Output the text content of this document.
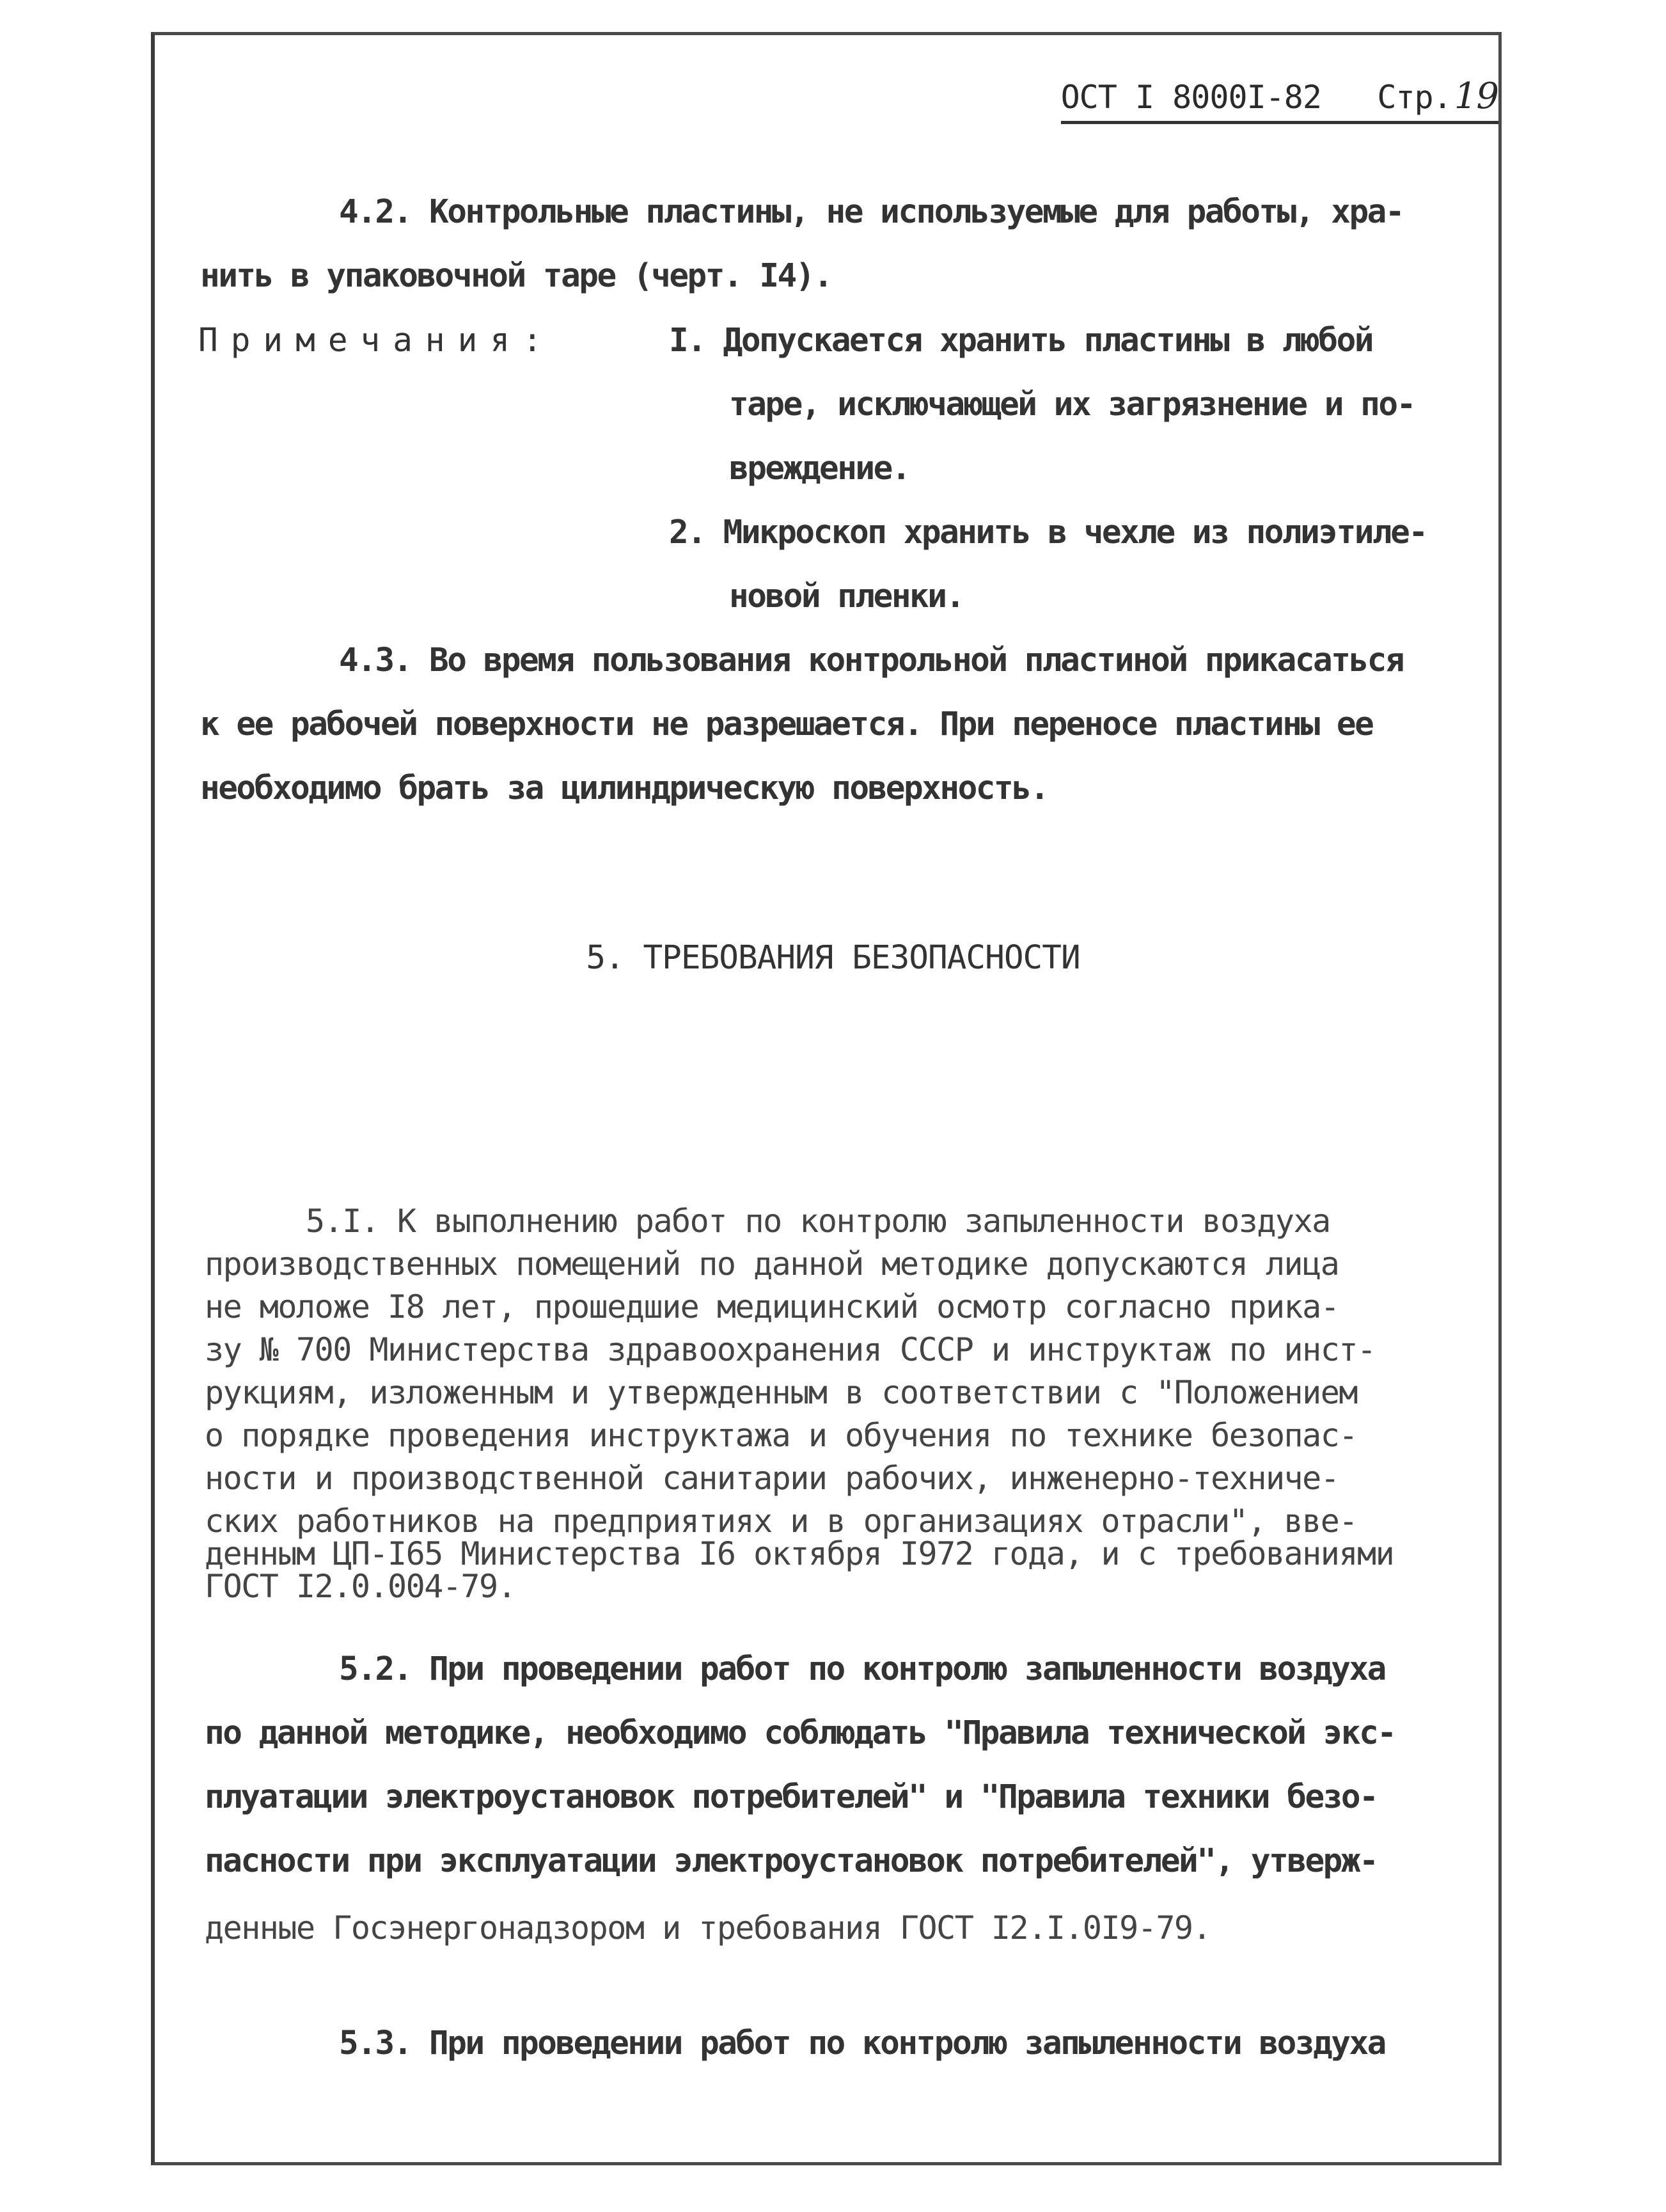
ОСТ I 8000I-82 Стр.19
4.2. Контрольные пластины, не используемые для работы, хра-
нить в упаковочной таре (черт. I4).
Примечания:	I. Допускается хранить пластины в любой
таре, исключающей их загрязнение и по-
вреждение.
2. Микроскоп хранить в чехле из полиэтиле-
новой пленки.
4.3. Во время пользования контрольной пластиной прикасаться
к ее рабочей поверхности не разрешается. При переносе пластины ее
необходимо брать за цилиндрическую поверхность.
5. ТРЕБОВАНИЯ БЕЗОПАСНОСТИ
5.I. К выполнению работ по контролю запыленности воздуха
производственных помещений по данной методике допускаются лица
не моложе I8 лет, прошедшие медицинский осмотр согласно прика-
зу № 700 Министерства здравоохранения СССР и инструктаж по инст-
рукциям, изложенным и утвержденным в соответствии с "Положением
о порядке проведения инструктажа и обучения по технике безопас-
ности и производственной санитарии рабочих, инженерно-техниче-
ских работников на предприятиях и в организациях отрасли", вве-
денным ЦП-I65 Министерства I6 октября I972 года, и с требованиями
ГОСТ I2.0.004-79.
5.2. При проведении работ по контролю запыленности воздуха
по данной методике, необходимо соблюдать "Правила технической экс-
плуатации электроустановок потребителей" и "Правила техники безо-
пасности при эксплуатации электроустановок потребителей", утверж-
денные Госэнергонадзором и требования ГОСТ I2.I.0I9-79.
5.3. При проведении работ по контролю запыленности воздуха
